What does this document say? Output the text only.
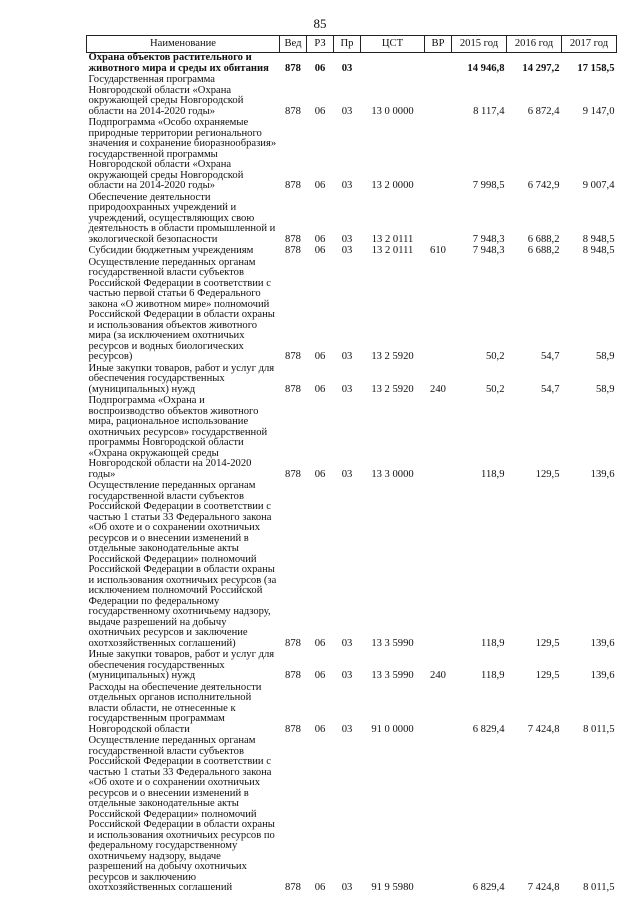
85
Наименование	Вед	РЗ	Пр	ЦСТ	ВР	2015 год	2016 год	2017 год
Охрана объектов растительного и животного мира и среды их обитания	878	06	03			14 946,8	14 297,2	17 158,5
Государственная программа Новгородской области «Охрана окружающей среды Новгородской области на 2014-2020 годы»	878	06	03	13 0 0000		8 117,4	6 872,4	9 147,0
Подпрограмма «Особо охраняемые природные территории регионального значения и сохранение биоразнообразия» государственной программы Новгородской области «Охрана окружающей среды Новгородской области на 2014-2020 годы»	878	06	03	13 2 0000		7 998,5	6 742,9	9 007,4
Обеспечение деятельности природоохранных учреждений и учреждений, осуществляющих свою деятельность в области промышленной и экологической безопасности	878	06	03	13 2 0111		7 948,3	6 688,2	8 948,5
Субсидии бюджетным учреждениям	878	06	03	13 2 0111	610	7 948,3	6 688,2	8 948,5
Осуществление переданных органам государственной власти субъектов Российской Федерации в соответствии с частью первой статьи 6 Федерального закона «О животном мире» полномочий Российской Федерации в области охраны и использования объектов животного мира (за исключением охотничьих ресурсов и водных биологических ресурсов)	878	06	03	13 2 5920		50,2	54,7	58,9
Иные закупки товаров, работ и услуг для обеспечения государственных (муниципальных) нужд	878	06	03	13 2 5920	240	50,2	54,7	58,9
Подпрограмма «Охрана и воспроизводство объектов животного мира, рациональное использование охотничьих ресурсов» государственной программы Новгородской области «Охрана окружающей среды Новгородской области на 2014-2020 годы»	878	06	03	13 3 0000		118,9	129,5	139,6
Осуществление переданных органам государственной власти субъектов Российской Федерации в соответствии с частью 1 статьи 33 Федерального закона «Об охоте и о сохранении охотничьих ресурсов и о внесении изменений в отдельные законодательные акты Российской Федерации» полномочий Российской Федерации в области охраны и использования охотничьих ресурсов (за исключением полномочий Российской Федерации по федеральному государственному охотничьему надзору, выдаче разрешений на добычу охотничьих ресурсов и заключение охотхозяйственных соглашений)	878	06	03	13 3 5990		118,9	129,5	139,6
Иные закупки товаров, работ и услуг для обеспечения государственных (муниципальных) нужд	878	06	03	13 3 5990	240	118,9	129,5	139,6
Расходы на обеспечение деятельности отдельных органов исполнительной власти области, не отнесенные к государственным программам Новгородской области	878	06	03	91 0 0000		6 829,4	7 424,8	8 011,5
Осуществление переданных органам государственной власти субъектов Российской Федерации в соответствии с частью 1 статьи 33 Федерального закона «Об охоте и о сохранении охотничьих ресурсов и о внесении изменений в отдельные законодательные акты Российской Федерации» полномочий Российской Федерации в области охраны и использования охотничьих ресурсов по федеральному государственному охотничьему надзору, выдаче разрешений на добычу охотничьих ресурсов и заключению охотхозяйственных соглашений	878	06	03	91 9 5980		6 829,4	7 424,8	8 011,5
